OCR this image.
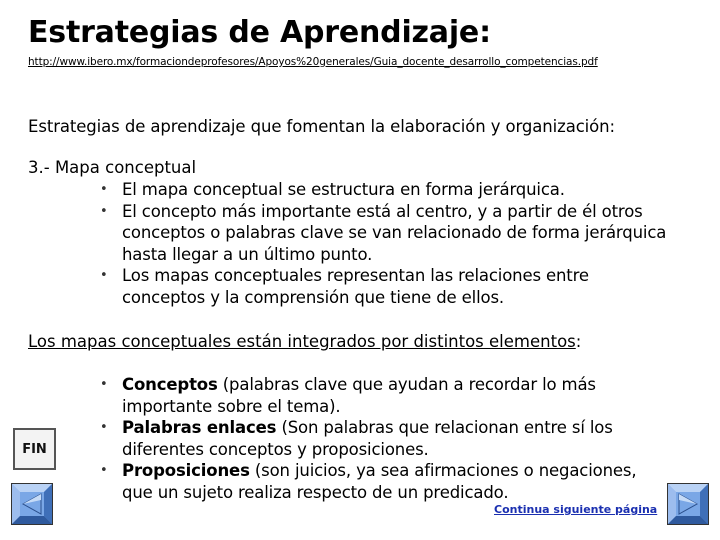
Estrategias de Aprendizaje:
http://www.ibero.mx/formaciondeprofesores/Apoyos%20generales/Guia_docente_desarrollo_competencias.pdf
Estrategias de aprendizaje que fomentan la elaboración y organización:
3.- Mapa conceptual
• El mapa conceptual se estructura en forma jerárquica.
• El concepto más importante está al centro, y a partir de él otros conceptos o palabras clave se van relacionado de forma jerárquica hasta llegar a un último punto.
• Los mapas conceptuales representan las relaciones entre conceptos y la comprensión que tiene de ellos.
Los mapas conceptuales están integrados por distintos elementos:
• Conceptos (palabras clave que ayudan a recordar lo más importante sobre el tema).
• Palabras enlaces (Son palabras que relacionan entre sí los diferentes conceptos y proposiciones.
• Proposiciones (son juicios, ya sea afirmaciones o negaciones, que un sujeto realiza respecto de un predicado.
FIN
Continua siguiente página
